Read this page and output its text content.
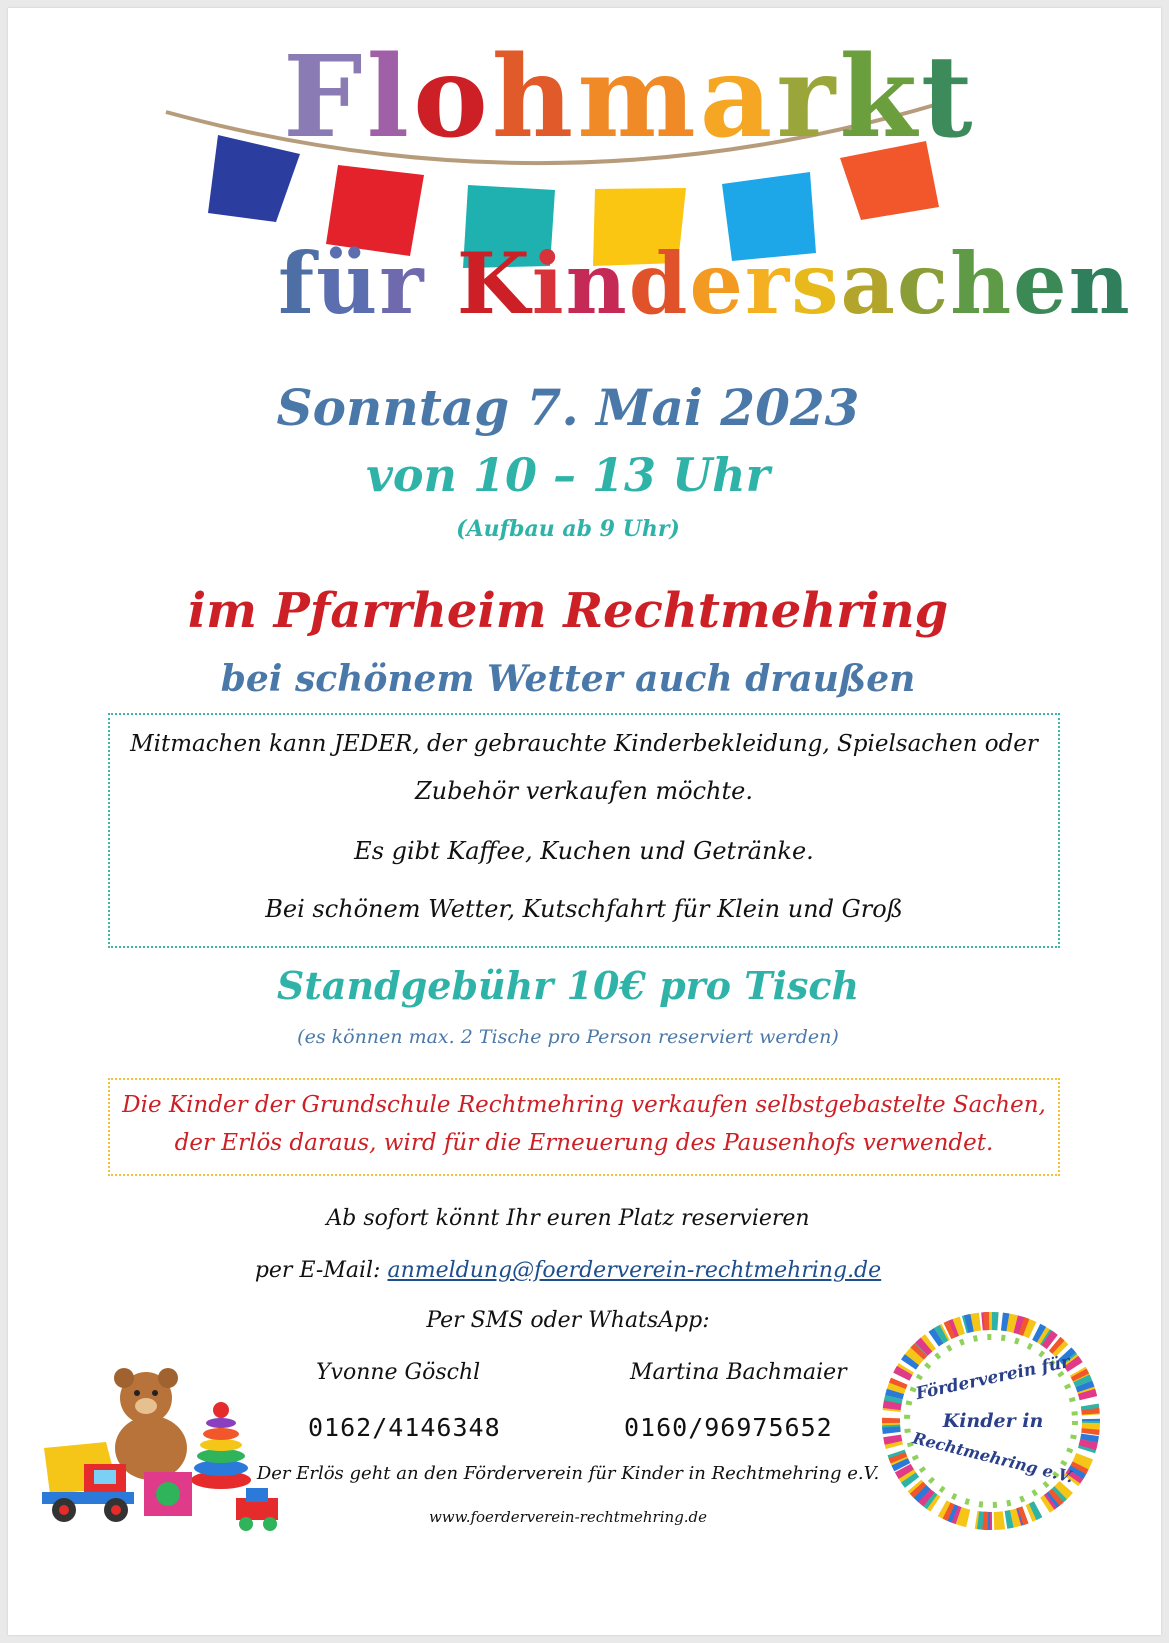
Flohmarkt
für Kindersachen
Sonntag 7. Mai 2023
von 10 – 13 Uhr
(Aufbau ab 9 Uhr)
im Pfarrheim Rechtmehring
bei schönem Wetter auch draußen
Mitmachen kann JEDER, der gebrauchte Kinderbekleidung, Spielsachen oder
Zubehör verkaufen möchte.
Es gibt Kaffee, Kuchen und Getränke.
Bei schönem Wetter, Kutschfahrt für Klein und Groß
Standgebühr 10€ pro Tisch
(es können max. 2 Tische pro Person reserviert werden)
Die Kinder der Grundschule Rechtmehring verkaufen selbstgebastelte Sachen,
der Erlös daraus, wird für die Erneuerung des Pausenhofs verwendet.
Ab sofort könnt Ihr euren Platz reservieren
per E-Mail: anmeldung@foerderverein-rechtmehring.de
Per SMS oder WhatsApp:
Yvonne Göschl	Martina Bachmaier
0162/4146348	0160/96975652
Der Erlös geht an den Förderverein für Kinder in Rechtmehring e.V.
www.foerderverein-rechtmehring.de
Förderverein für
Kinder in
Rechtmehring e.V.
